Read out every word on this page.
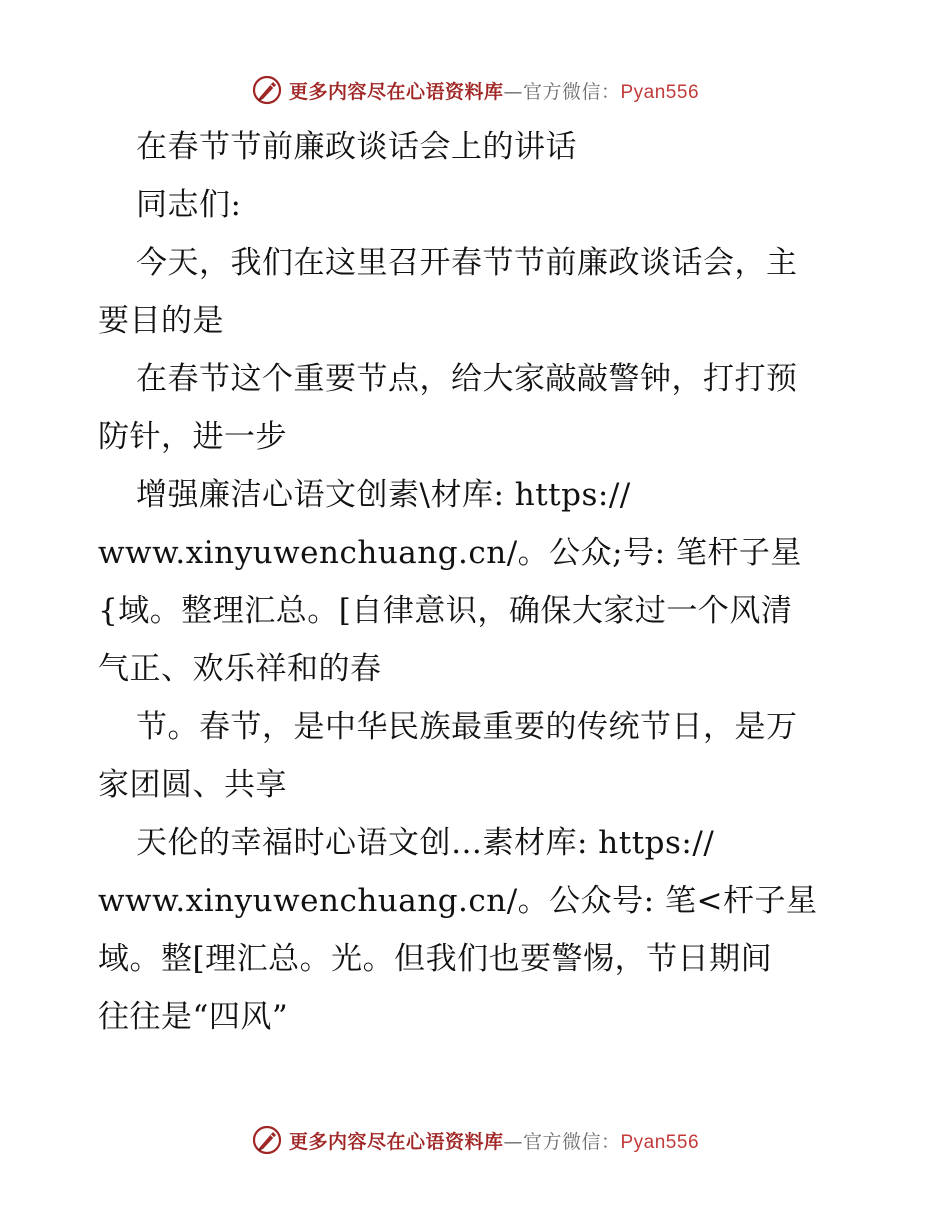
更多内容尽在心语资料库—官方微信：Pyan556
在春节节前廉政谈话会上的讲话
同志们:
今天，我们在这里召开春节节前廉政谈话会，主
要目的是
在春节这个重要节点，给大家敲敲警钟，打打预
防针，进一步
增强廉洁心语文创素\材库: https://
www.xinyuwenchuang.cn/。公众;号: 笔杆子星
{域。整理汇总。[自律意识，确保大家过一个风清
气正、欢乐祥和的春
节。春节，是中华民族最重要的传统节日，是万
家团圆、共享
天伦的幸福时心语文创…素材库: https://
www.xinyuwenchuang.cn/。公众号: 笔<杆子星
域。整[理汇总。光。但我们也要警惕，节日期间
往往是“四风”
更多内容尽在心语资料库—官方微信：Pyan556
